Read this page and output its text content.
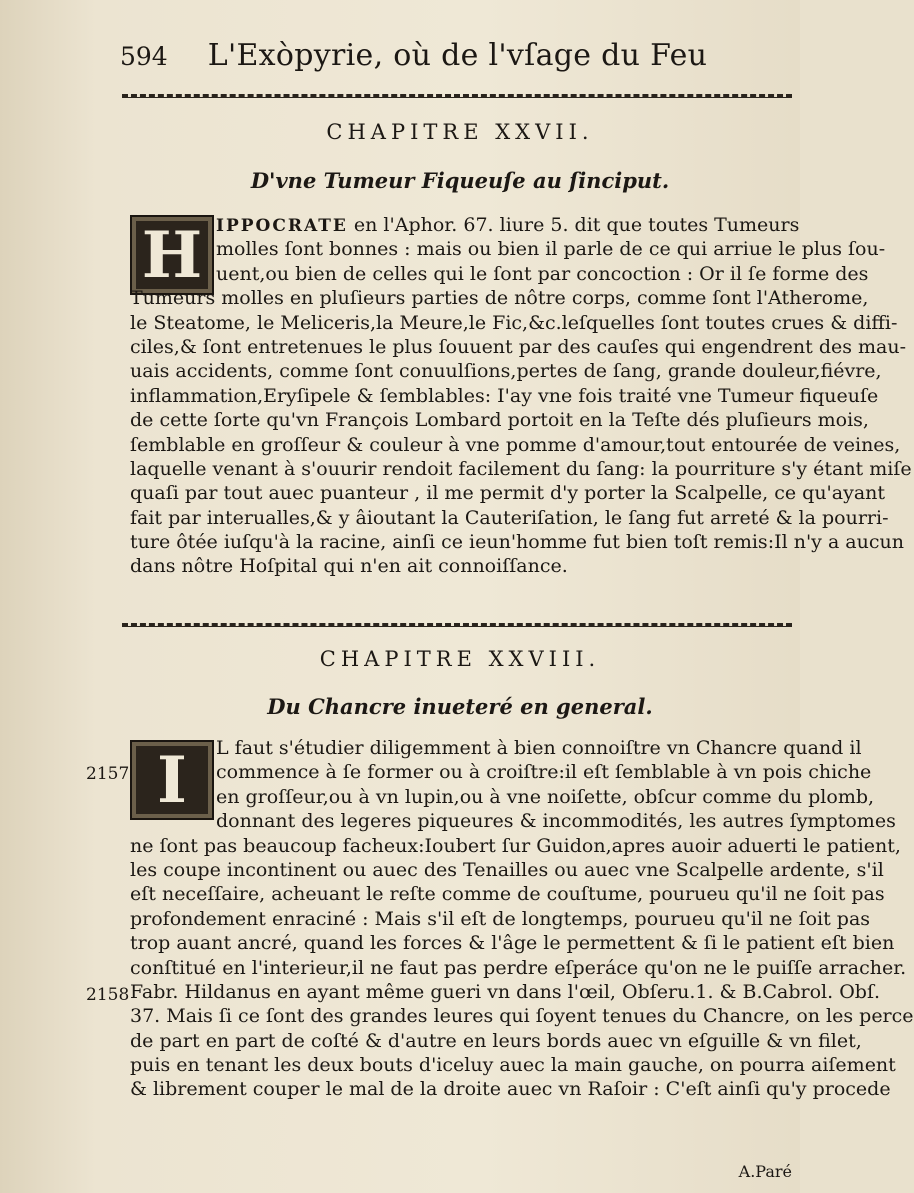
594 L'Exòpyrie, où de l'vſage du Feu
CHAPITRE XXVII.
D'vne Tumeur Fiqueuſe au ſinciput.
H IPPOCRATE en l'Aphor. 67. liure 5. dit que toutes Tumeurs
molles ſont bonnes : mais ou bien il parle de ce qui arriue le plus ſou-
uent,ou bien de celles qui le ſont par concoction : Or il ſe forme des
Tumeurs molles en pluſieurs parties de nôtre corps, comme ſont l'Atherome,
le Steatome, le Meliceris,la Meure,le Fic,&c.leſquelles ſont toutes crues & diffi-
ciles,& ſont entretenues le plus ſouuent par des cauſes qui engendrent des mau-
uais accidents, comme ſont conuulſions,pertes de ſang, grande douleur,fiévre,
inflammation,Eryſipele & ſemblables: I'ay vne fois traité vne Tumeur fiqueuſe
de cette ſorte qu'vn François Lombard portoit en la Teſte dés pluſieurs mois,
ſemblable en groſſeur & couleur à vne pomme d'amour,tout entourée de veines,
laquelle venant à s'ouurir rendoit facilement du ſang: la pourriture s'y étant miſe
quaſi par tout auec puanteur , il me permit d'y porter la Scalpelle, ce qu'ayant
fait par interualles,& y âioutant la Cauteriſation, le ſang fut arreté & la pourri-
ture ôtée iuſqu'à la racine, ainſi ce ieun'homme fut bien toſt remis:Il n'y a aucun
dans nôtre Hoſpital qui n'en ait connoiſſance.
CHAPITRE XXVIII.
Du Chancre inueteré en general.
I
2157
2158
L faut s'étudier diligemment à bien connoiſtre vn Chancre quand il
commence à ſe former ou à croiſtre:il eſt ſemblable à vn pois chiche
en groſſeur,ou à vn lupin,ou à vne noiſette, obſcur comme du plomb,
donnant des legeres piqueures & incommodités, les autres ſymptomes
ne ſont pas beaucoup facheux:Ioubert ſur Guidon,apres auoir aduerti le patient,
les coupe incontinent ou auec des Tenailles ou auec vne Scalpelle ardente, s'il
eſt neceſſaire, acheuant le reſte comme de couſtume, pourueu qu'il ne ſoit pas
profondement enraciné : Mais s'il eſt de longtemps, pourueu qu'il ne ſoit pas
trop auant ancré, quand les forces & l'âge le permettent & ſi le patient eſt bien
conſtitué en l'interieur,il ne faut pas perdre eſperáce qu'on ne le puiſſe arracher.
Fabr. Hildanus en ayant même gueri vn dans l'œil, Obſeru.1. & B.Cabrol. Obſ.
37. Mais ſi ce ſont des grandes leures qui ſoyent tenues du Chancre, on les perce
de part en part de coſté & d'autre en leurs bords auec vn eſguille & vn filet,
puis en tenant les deux bouts d'iceluy auec la main gauche, on pourra aiſement
& librement couper le mal de la droite auec vn Raſoir : C'eſt ainſi qu'y procede
A.Paré
